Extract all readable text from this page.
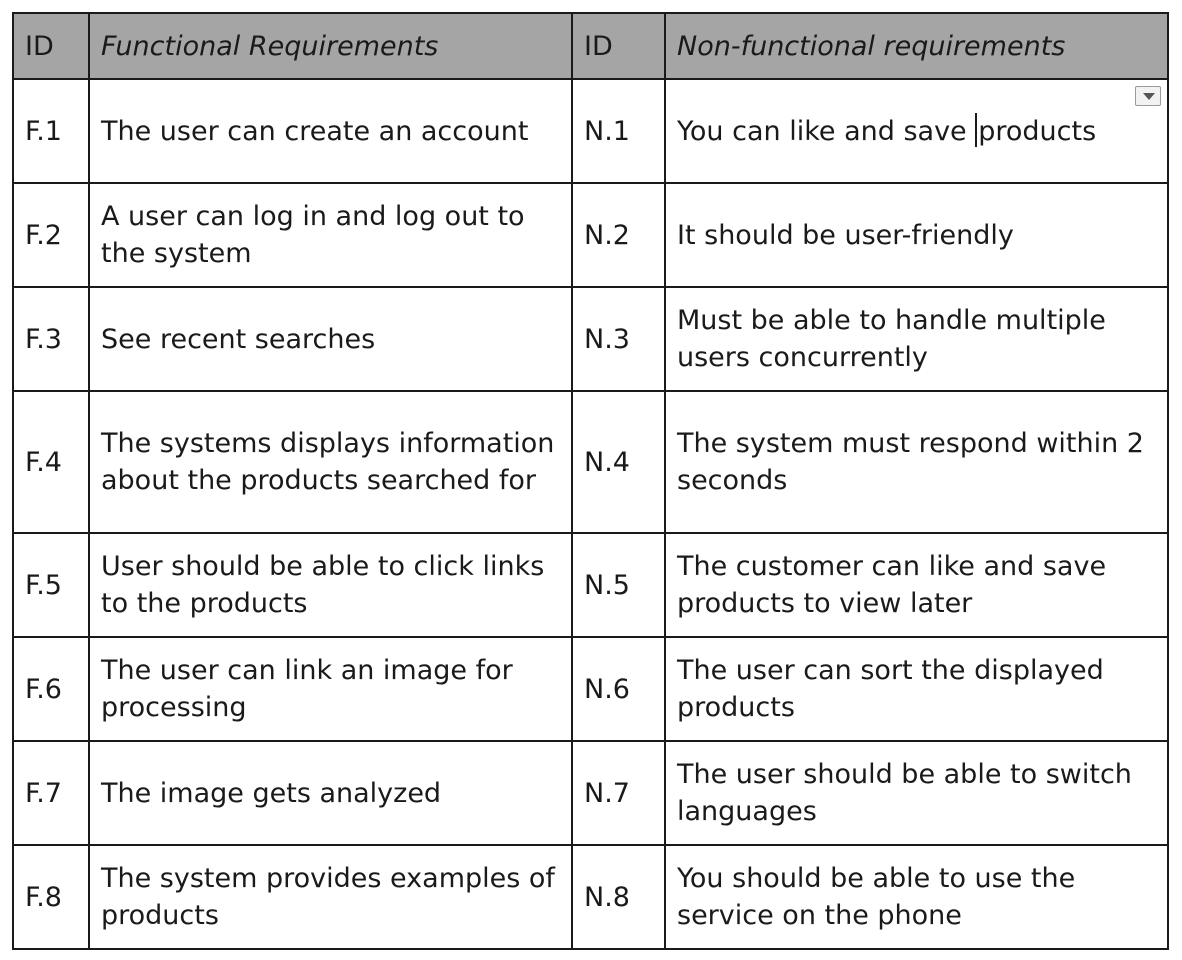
ID	Functional Requirements	ID	Non-functional requirements
F.1	The user can create an account	N.1	You can like and save products

F.2	A user can log in and log out to the system	N.2	It should be user-friendly
F.3	See recent searches	N.3	Must be able to handle multiple users concurrently
F.4	The systems displays information about the products searched for	N.4	The system must respond within 2 seconds
F.5	User should be able to click links to the products	N.5	The customer can like and save products to view later
F.6	The user can link an image for processing	N.6	The user can sort the displayed products
F.7	The image gets analyzed	N.7	The user should be able to switch languages
F.8	The system provides examples of products	N.8	You should be able to use the service on the phone
